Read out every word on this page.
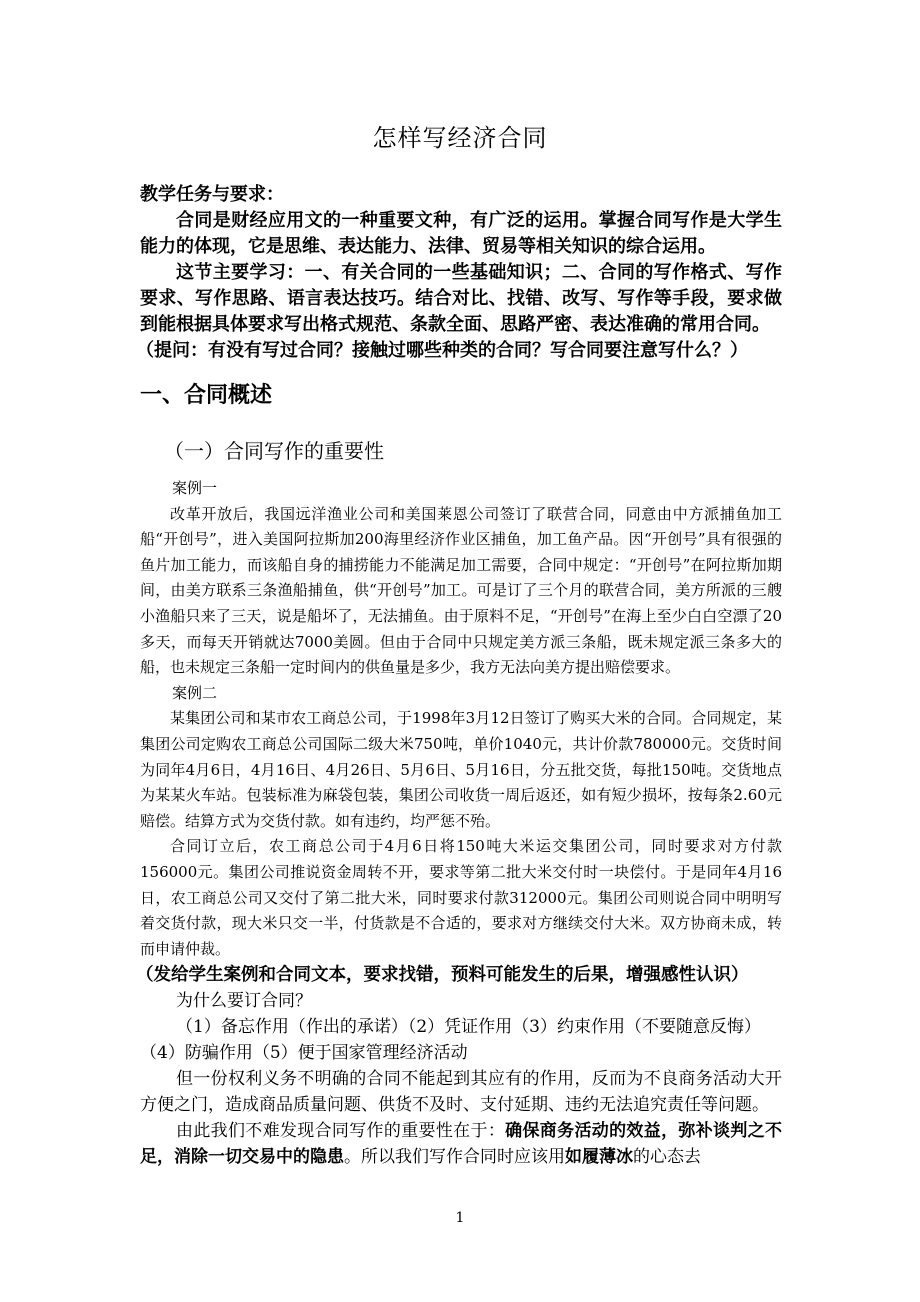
怎样写经济合同

教学任务与要求：

合同是财经应用文的一种重要文种，有广泛的运用。掌握合同写作是大学生能力的体现，它是思维、表达能力、法律、贸易等相关知识的综合运用。

这节主要学习：一、有关合同的一些基础知识；二、合同的写作格式、写作要求、写作思路、语言表达技巧。结合对比、找错、改写、写作等手段，要求做到能根据具体要求写出格式规范、条款全面、思路严密、表达准确的常用合同。

（提问：有没有写过合同？接触过哪些种类的合同？写合同要注意写什么？）

一、合同概述
（一）合同写作的重要性

案例一

改革开放后，我国远洋渔业公司和美国莱恩公司签订了联营合同，同意由中方派捕鱼加工船“开创号”，进入美国阿拉斯加200海里经济作业区捕鱼，加工鱼产品。因“开创号”具有很强的鱼片加工能力，而该船自身的捕捞能力不能满足加工需要，合同中规定：“开创号”在阿拉斯加期间，由美方联系三条渔船捕鱼，供“开创号”加工。可是订了三个月的联营合同，美方所派的三艘小渔船只来了三天，说是船坏了，无法捕鱼。由于原料不足，“开创号”在海上至少白白空漂了20多天，而每天开销就达7000美圆。但由于合同中只规定美方派三条船，既未规定派三条多大的船，也未规定三条船一定时间内的供鱼量是多少，我方无法向美方提出赔偿要求。

案例二

某集团公司和某市农工商总公司，于1998年3月12日签订了购买大米的合同。合同规定，某集团公司定购农工商总公司国际二级大米750吨，单价1040元，共计价款780000元。交货时间为同年4月6日，4月16日、4月26日、5月6日、5月16日，分五批交货，每批150吨。交货地点为某某火车站。包装标准为麻袋包装，集团公司收货一周后返还，如有短少损坏，按每条2.60元赔偿。结算方式为交货付款。如有违约，均严惩不殆。

合同订立后，农工商总公司于4月6日将150吨大米运交集团公司，同时要求对方付款156000元。集团公司推说资金周转不开，要求等第二批大米交付时一块偿付。于是同年4月16日，农工商总公司又交付了第二批大米，同时要求付款312000元。集团公司则说合同中明明写着交货付款，现大米只交一半，付货款是不合适的，要求对方继续交付大米。双方协商未成，转而申请仲裁。

（发给学生案例和合同文本，要求找错，预料可能发生的后果，增强感性认识）

为什么要订合同？

（1）备忘作用（作出的承诺）（2）凭证作用（3）约束作用（不要随意反悔）

（4）防骗作用（5）便于国家管理经济活动

但一份权利义务不明确的合同不能起到其应有的作用，反而为不良商务活动大开方便之门，造成商品质量问题、供货不及时、支付延期、违约无法追究责任等问题。

由此我们不难发现合同写作的重要性在于：确保商务活动的效益，弥补谈判之不足，消除一切交易中的隐患。所以我们写作合同时应该用如履薄冰的心态去

1
